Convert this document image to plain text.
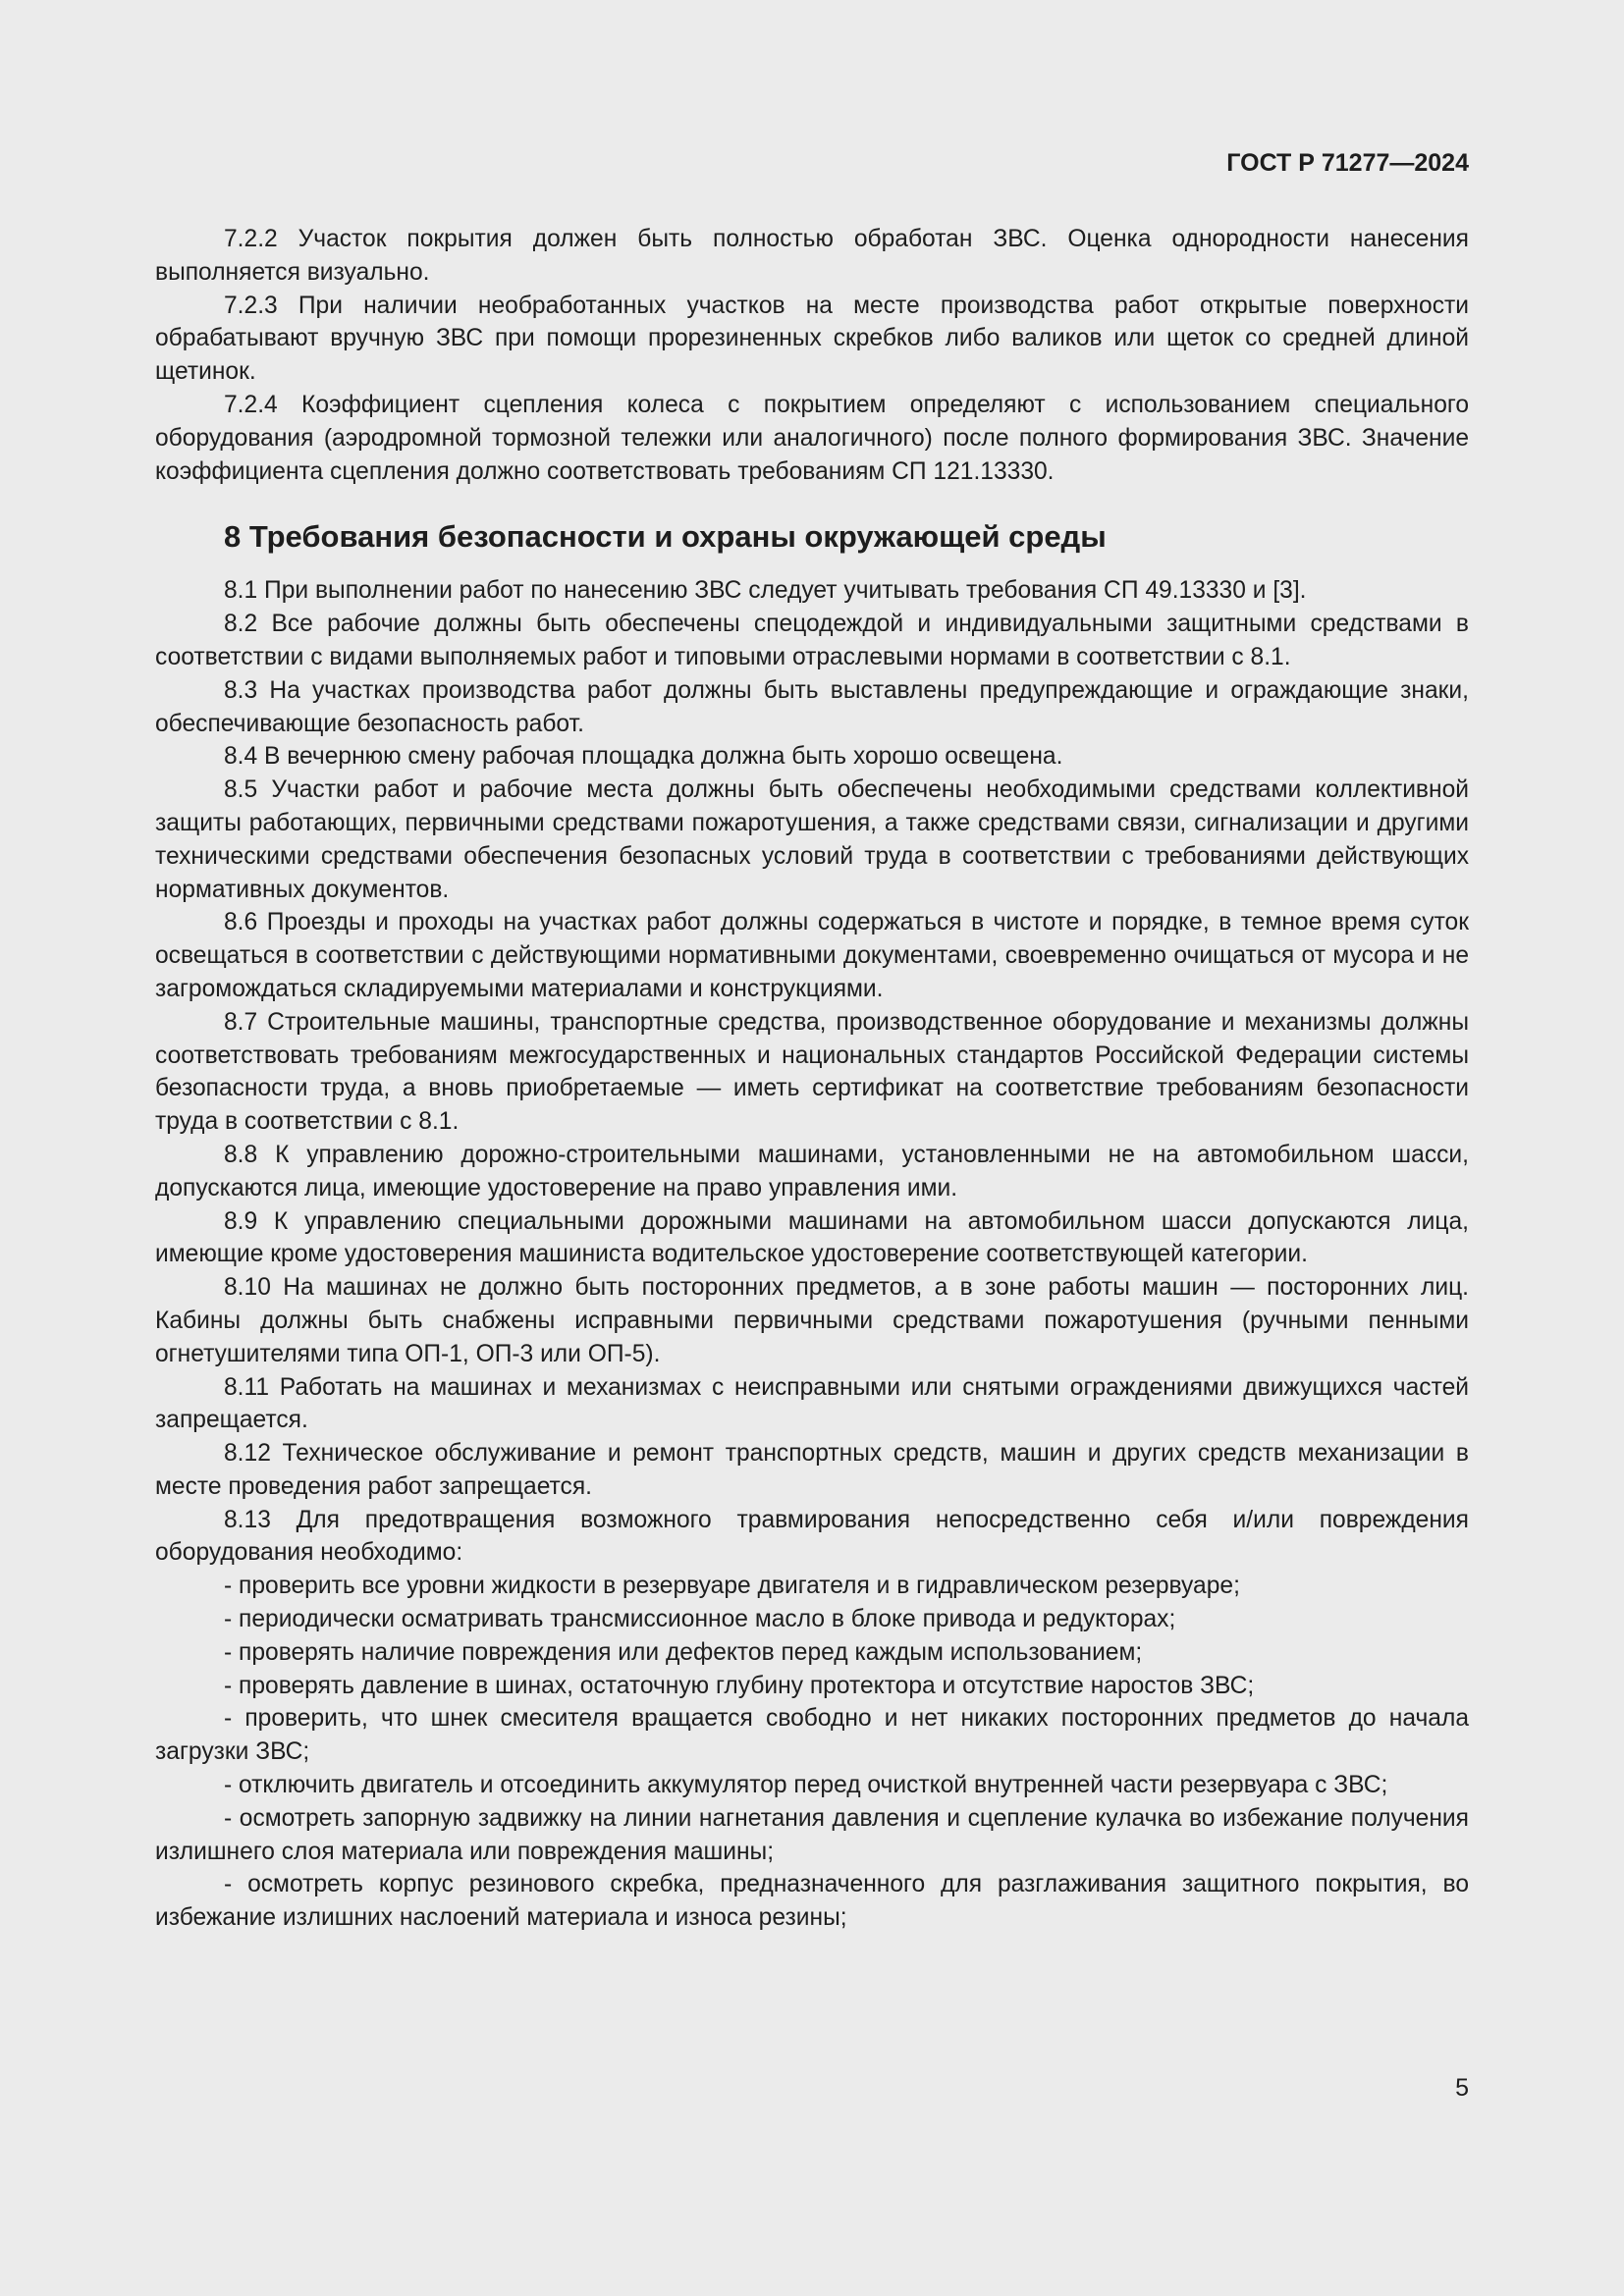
ГОСТ Р 71277—2024

7.2.2 Участок покрытия должен быть полностью обработан ЗВС. Оценка однородности нанесения выполняется визуально.

7.2.3 При наличии необработанных участков на месте производства работ открытые поверхности обрабатывают вручную ЗВС при помощи прорезиненных скребков либо валиков или щеток со средней длиной щетинок.

7.2.4 Коэффициент сцепления колеса с покрытием определяют с использованием специального оборудования (аэродромной тормозной тележки или аналогичного) после полного формирования ЗВС. Значение коэффициента сцепления должно соответствовать требованиям СП 121.13330.

8 Требования безопасности и охраны окружающей среды

8.1 При выполнении работ по нанесению ЗВС следует учитывать требования СП 49.13330 и [3].

8.2 Все рабочие должны быть обеспечены спецодеждой и индивидуальными защитными средствами в соответствии с видами выполняемых работ и типовыми отраслевыми нормами в соответствии с 8.1.

8.3 На участках производства работ должны быть выставлены предупреждающие и ограждающие знаки, обеспечивающие безопасность работ.

8.4 В вечернюю смену рабочая площадка должна быть хорошо освещена.

8.5 Участки работ и рабочие места должны быть обеспечены необходимыми средствами коллективной защиты работающих, первичными средствами пожаротушения, а также средствами связи, сигнализации и другими техническими средствами обеспечения безопасных условий труда в соответствии с требованиями действующих нормативных документов.

8.6 Проезды и проходы на участках работ должны содержаться в чистоте и порядке, в темное время суток освещаться в соответствии с действующими нормативными документами, своевременно очищаться от мусора и не загромождаться складируемыми материалами и конструкциями.

8.7 Строительные машины, транспортные средства, производственное оборудование и механизмы должны соответствовать требованиям межгосударственных и национальных стандартов Российской Федерации системы безопасности труда, а вновь приобретаемые — иметь сертификат на соответствие требованиям безопасности труда в соответствии с 8.1.

8.8 К управлению дорожно-строительными машинами, установленными не на автомобильном шасси, допускаются лица, имеющие удостоверение на право управления ими.

8.9 К управлению специальными дорожными машинами на автомобильном шасси допускаются лица, имеющие кроме удостоверения машиниста водительское удостоверение соответствующей категории.

8.10 На машинах не должно быть посторонних предметов, а в зоне работы машин — посторонних лиц. Кабины должны быть снабжены исправными первичными средствами пожаротушения (ручными пенными огнетушителями типа ОП-1, ОП-3 или ОП-5).

8.11 Работать на машинах и механизмах с неисправными или снятыми ограждениями движущихся частей запрещается.

8.12 Техническое обслуживание и ремонт транспортных средств, машин и других средств механизации в месте проведения работ запрещается.

8.13 Для предотвращения возможного травмирования непосредственно себя и/или повреждения оборудования необходимо:

- проверить все уровни жидкости в резервуаре двигателя и в гидравлическом резервуаре;

- периодически осматривать трансмиссионное масло в блоке привода и редукторах;

- проверять наличие повреждения или дефектов перед каждым использованием;

- проверять давление в шинах, остаточную глубину протектора и отсутствие наростов ЗВС;

- проверить, что шнек смесителя вращается свободно и нет никаких посторонних предметов до начала загрузки ЗВС;

- отключить двигатель и отсоединить аккумулятор перед очисткой внутренней части резервуара с ЗВС;

- осмотреть запорную задвижку на линии нагнетания давления и сцепление кулачка во избежание получения излишнего слоя материала или повреждения машины;

- осмотреть корпус резинового скребка, предназначенного для разглаживания защитного покрытия, во избежание излишних наслоений материала и износа резины;

5
